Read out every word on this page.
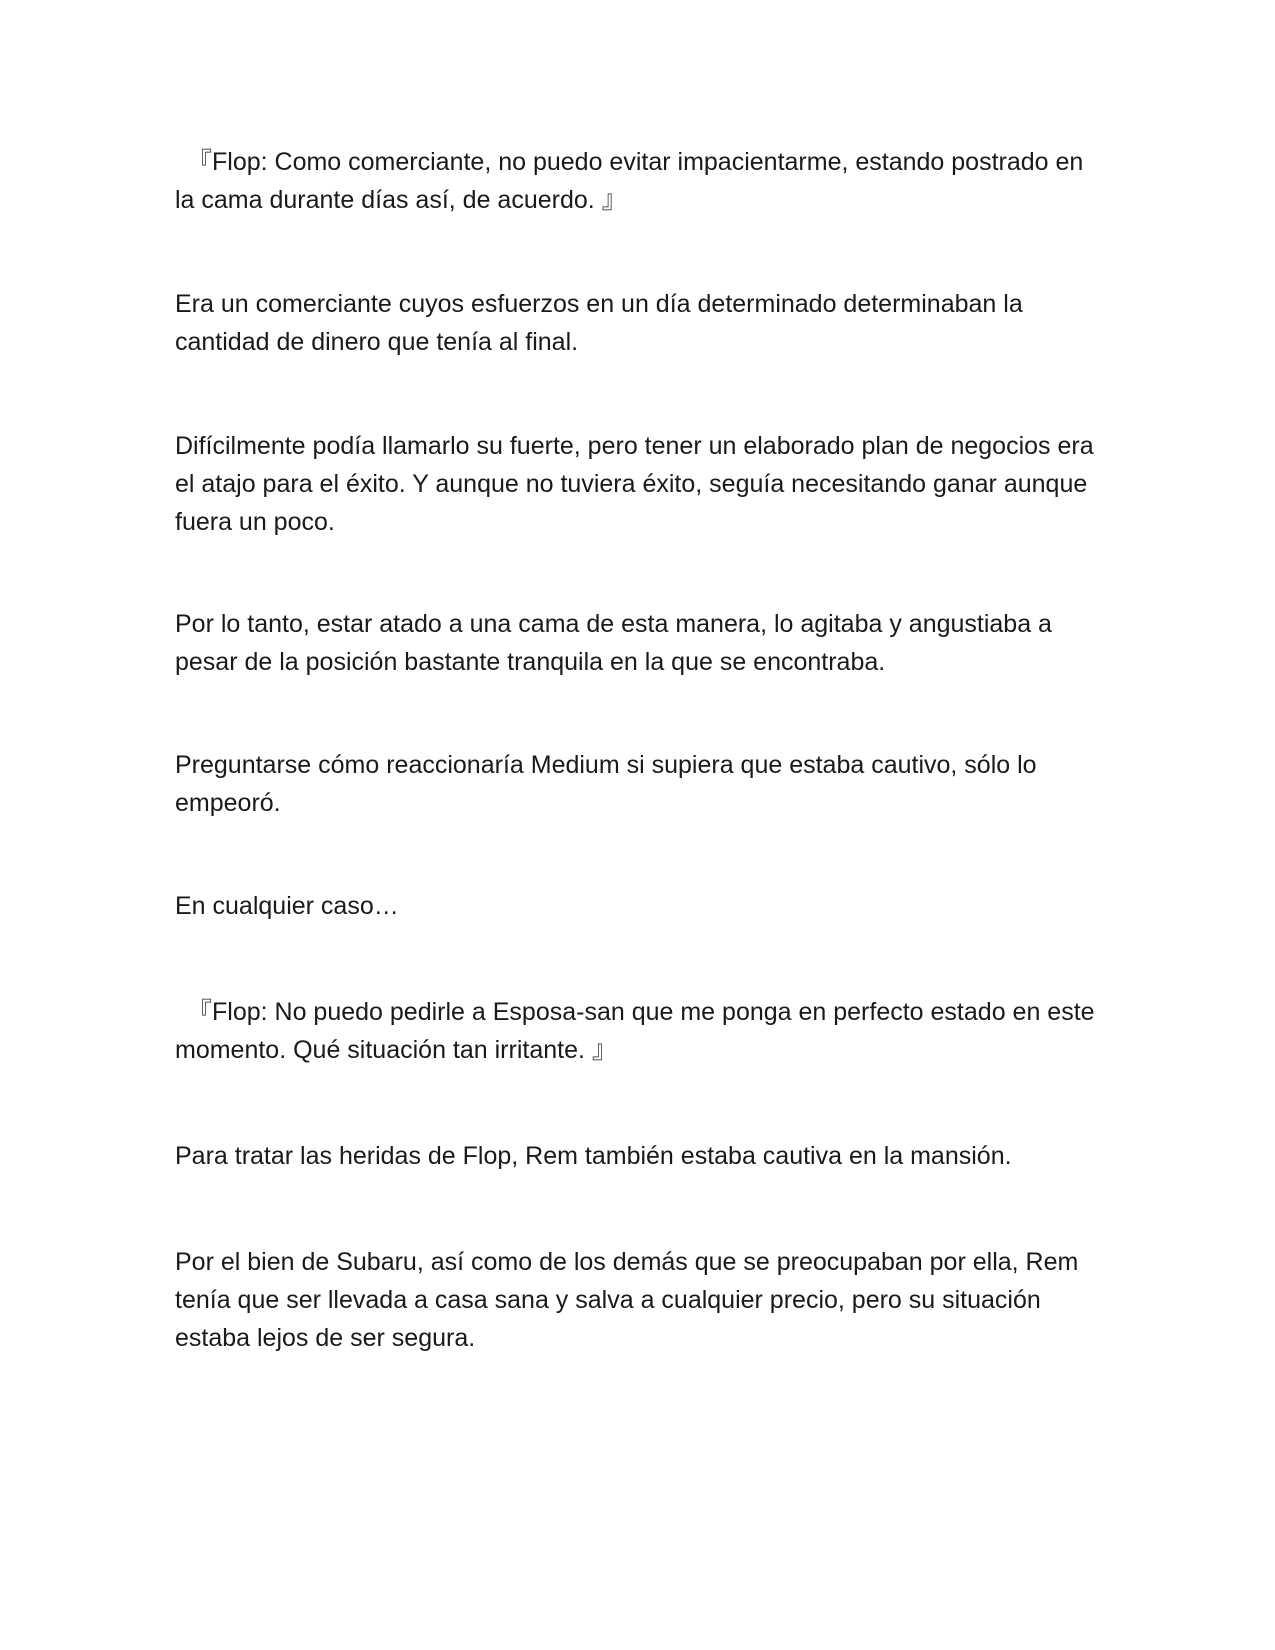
『Flop: Como comerciante, no puedo evitar impacientarme, estando postrado en la cama durante días así, de acuerdo. 』

Era un comerciante cuyos esfuerzos en un día determinado determinaban la cantidad de dinero que tenía al final.

Difícilmente podía llamarlo su fuerte, pero tener un elaborado plan de negocios era el atajo para el éxito. Y aunque no tuviera éxito, seguía necesitando ganar aunque fuera un poco.

Por lo tanto, estar atado a una cama de esta manera, lo agitaba y angustiaba a pesar de la posición bastante tranquila en la que se encontraba.

Preguntarse cómo reaccionaría Medium si supiera que estaba cautivo, sólo lo empeoró.

En cualquier caso…

『Flop: No puedo pedirle a Esposa-san que me ponga en perfecto estado en este momento. Qué situación tan irritante. 』

Para tratar las heridas de Flop, Rem también estaba cautiva en la mansión.

Por el bien de Subaru, así como de los demás que se preocupaban por ella, Rem tenía que ser llevada a casa sana y salva a cualquier precio, pero su situación estaba lejos de ser segura.
